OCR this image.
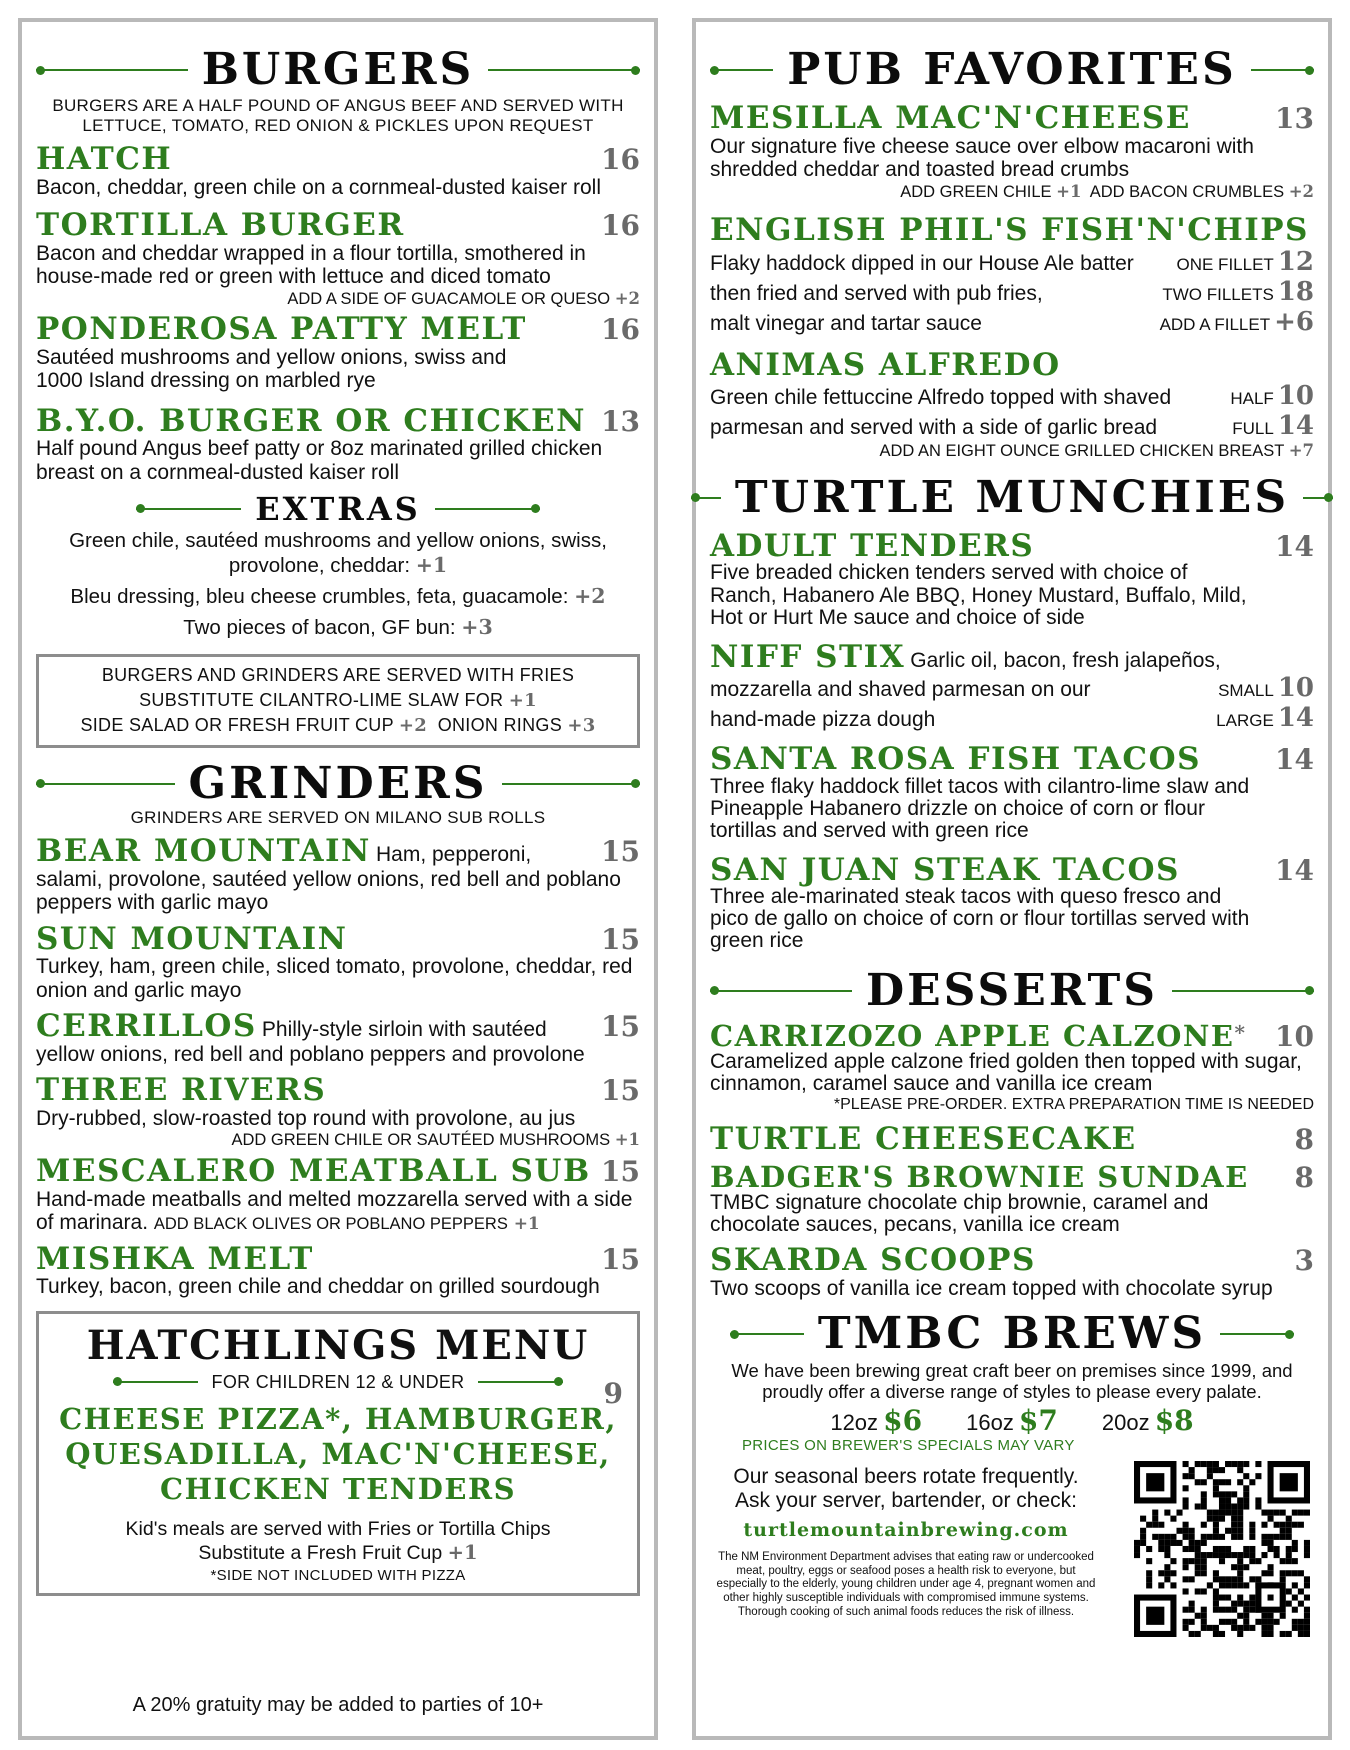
BURGERS
BURGERS ARE A HALF POUND OF ANGUS BEEF AND SERVED WITH LETTUCE, TOMATO, RED ONION & PICKLES UPON REQUEST
HATCH	16
Bacon, cheddar, green chile on a cornmeal-dusted kaiser roll
TORTILLA BURGER	16
Bacon and cheddar wrapped in a flour tortilla, smothered in house-made red or green with lettuce and diced tomato
ADD A SIDE OF GUACAMOLE OR QUESO +2
PONDEROSA PATTY MELT	16
Sautéed mushrooms and yellow onions, swiss and 1000 Island dressing on marbled rye
B.Y.O. BURGER OR CHICKEN 13
Half pound Angus beef patty or 8oz marinated grilled chicken breast on a cornmeal-dusted kaiser roll
EXTRAS
Green chile, sautéed mushrooms and yellow onions, swiss, provolone, cheddar: +1
Bleu dressing, bleu cheese crumbles, feta, guacamole: +2
Two pieces of bacon, GF bun: +3
BURGERS AND GRINDERS ARE SERVED WITH FRIES
SUBSTITUTE CILANTRO-LIME SLAW FOR +1
SIDE SALAD OR FRESH FRUIT CUP +2 ONION RINGS +3
GRINDERS
GRINDERS ARE SERVED ON MILANO SUB ROLLS
BEAR MOUNTAIN Ham, pepperoni, 15
salami, provolone, sautéed yellow onions, red bell and poblano peppers with garlic mayo
SUN MOUNTAIN	15
Turkey, ham, green chile, sliced tomato, provolone, cheddar, red onion and garlic mayo
CERRILLOS Philly-style sirloin with sautéed 15
yellow onions, red bell and poblano peppers and provolone
THREE RIVERS	15
Dry-rubbed, slow-roasted top round with provolone, au jus
ADD GREEN CHILE OR SAUTÉED MUSHROOMS +1
MESCALERO MEATBALL SUB 15
Hand-made meatballs and melted mozzarella served with a side of marinara. ADD BLACK OLIVES OR POBLANO PEPPERS +1
MISHKA MELT	15
Turkey, bacon, green chile and cheddar on grilled sourdough
HATCHLINGS MENU
FOR CHILDREN 12 & UNDER	9
CHEESE PIZZA*, HAMBURGER,
QUESADILLA, MAC'N'CHEESE,
CHICKEN TENDERS
Kid's meals are served with Fries or Tortilla Chips
Substitute a Fresh Fruit Cup +1
*SIDE NOT INCLUDED WITH PIZZA
A 20% gratuity may be added to parties of 10+
PUB FAVORITES
MESILLA MAC'N'CHEESE	13
Our signature five cheese sauce over elbow macaroni with shredded cheddar and toasted bread crumbs
ADD GREEN CHILE +1 ADD BACON CRUMBLES +2
ENGLISH PHIL'S FISH'N'CHIPS
Flaky haddock dipped in our House Ale batter	ONE FILLET 12
then fried and served with pub fries,	TWO FILLETS 18
malt vinegar and tartar sauce	ADD A FILLET +6
ANIMAS ALFREDO
Green chile fettuccine Alfredo topped with shaved	HALF 10
parmesan and served with a side of garlic bread	FULL 14
ADD AN EIGHT OUNCE GRILLED CHICKEN BREAST +7
TURTLE MUNCHIES
ADULT TENDERS	14
Five breaded chicken tenders served with choice of Ranch, Habanero Ale BBQ, Honey Mustard, Buffalo, Mild, Hot or Hurt Me sauce and choice of side
NIFF STIX Garlic oil, bacon, fresh jalapeños,
mozzarella and shaved parmesan on our	SMALL 10
hand-made pizza dough	LARGE 14
SANTA ROSA FISH TACOS	14
Three flaky haddock fillet tacos with cilantro-lime slaw and Pineapple Habanero drizzle on choice of corn or flour tortillas and served with green rice
SAN JUAN STEAK TACOS	14
Three ale-marinated steak tacos with queso fresco and pico de gallo on choice of corn or flour tortillas served with green rice
DESSERTS
CARRIZOZO APPLE CALZONE* 10
Caramelized apple calzone fried golden then topped with sugar, cinnamon, caramel sauce and vanilla ice cream
*PLEASE PRE-ORDER. EXTRA PREPARATION TIME IS NEEDED
TURTLE CHEESECAKE	8
BADGER'S BROWNIE SUNDAE 8
TMBC signature chocolate chip brownie, caramel and chocolate sauces, pecans, vanilla ice cream
SKARDA SCOOPS	3
Two scoops of vanilla ice cream topped with chocolate syrup
TMBC BREWS
We have been brewing great craft beer on premises since 1999, and proudly offer a diverse range of styles to please every palate.
12oz $6 16oz $7 20oz $8
PRICES ON BREWER'S SPECIALS MAY VARY
Our seasonal beers rotate frequently.
Ask your server, bartender, or check:
turtlemountainbrewing.com
The NM Environment Department advises that eating raw or undercooked meat, poultry, eggs or seafood poses a health risk to everyone, but especially to the elderly, young children under age 4, pregnant women and other highly susceptible individuals with compromised immune systems. Thorough cooking of such animal foods reduces the risk of illness.
